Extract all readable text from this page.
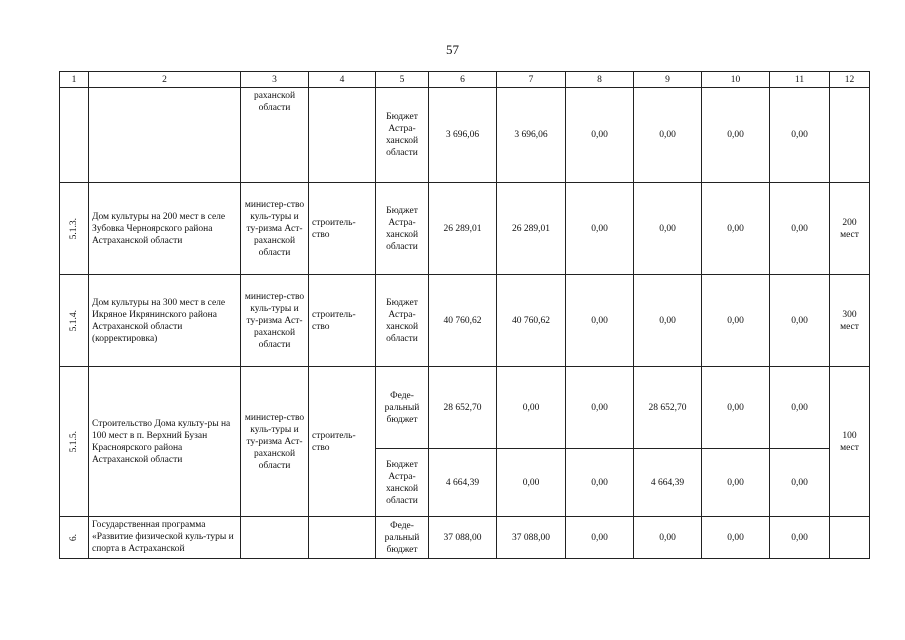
57
1	2	3	4	5	6	7	8	9	10	11	12
		раханской области		Бюджет Астра-ханской области	3 696,06	3 696,06	0,00	0,00	0,00	0,00	

5.1.3.	Дом культуры на 200 мест в селе Зубовка Черноярского района Астраханской области	министер-ство куль-туры и ту-ризма Аст-раханской области	строитель-ство	Бюджет Астра-ханской области	26 289,01	26 289,01	0,00	0,00	0,00	0,00	200 мест

5.1.4.	Дом культуры на 300 мест в селе Икряное Икрянинского района Астраханской области (корректировка)	министер-ство куль-туры и ту-ризма Аст-раханской области	строитель-ство	Бюджет Астра-ханской области	40 760,62	40 760,62	0,00	0,00	0,00	0,00	300 мест

5.1.5.	Строительство Дома культу-ры на 100 мест в п. Верхний Бузан Красноярского района Астраханской области	министер-ство куль-туры и ту-ризма Аст-раханской области	строитель-ство	Феде-ральный бюджет	28 652,70	0,00	0,00	28 652,70	0,00	0,00	100 мест
				Бюджет Астра-ханской области	4 664,39	0,00	0,00	4 664,39	0,00	0,00	

6.	Государственная программа «Развитие физической куль-туры и спорта в Астраханской			Феде-ральный бюджет	37 088,00	37 088,00	0,00	0,00	0,00	0,00	
